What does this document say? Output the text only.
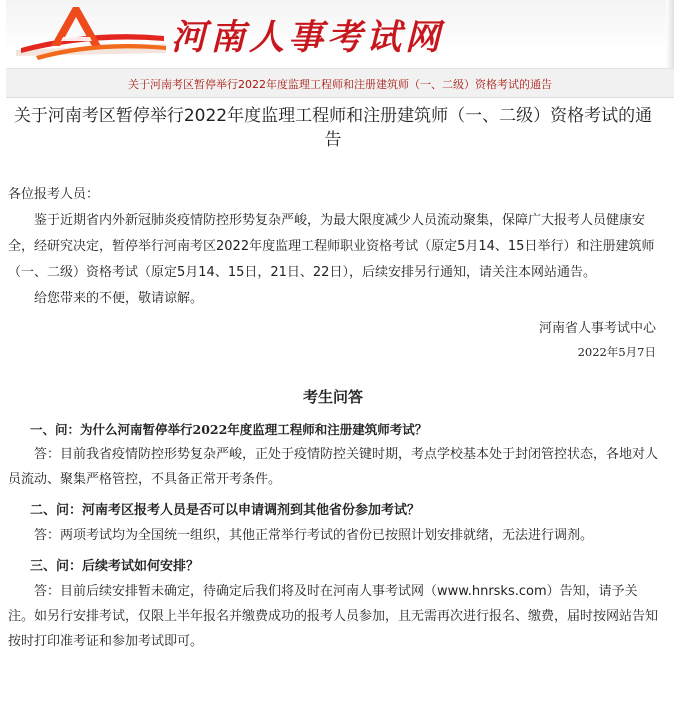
河南人事考试网
关于河南考区暂停举行2022年度监理工程师和注册建筑师（一、二级）资格考试的通告
关于河南考区暂停举行2022年度监理工程师和注册建筑师（一、二级）资格考试的通告

各位报考人员：

鉴于近期省内外新冠肺炎疫情防控形势复杂严峻，为最大限度减少人员流动聚集，保障广大报考人员健康安全，经研究决定，暂停举行河南考区2022年度监理工程师职业资格考试（原定5月14、15日举行）和注册建筑师（一、二级）资格考试（原定5月14、15日，21日、22日），后续安排另行通知，请关注本网站通告。

给您带来的不便，敬请谅解。

河南省人事考试中心
2022年5月7日
考生问答

一、问：为什么河南暂停举行2022年度监理工程师和注册建筑师考试？

答：目前我省疫情防控形势复杂严峻，正处于疫情防控关键时期，考点学校基本处于封闭管控状态，各地对人员流动、聚集严格管控，不具备正常开考条件。

二、问：河南考区报考人员是否可以申请调剂到其他省份参加考试？

答：两项考试均为全国统一组织，其他正常举行考试的省份已按照计划安排就绪，无法进行调剂。

三、问：后续考试如何安排？

答：目前后续安排暂未确定，待确定后我们将及时在河南人事考试网（www.hnrsks.com）告知，请予关注。如另行安排考试，仅限上半年报名并缴费成功的报考人员参加，且无需再次进行报名、缴费，届时按网站告知按时打印准考证和参加考试即可。
